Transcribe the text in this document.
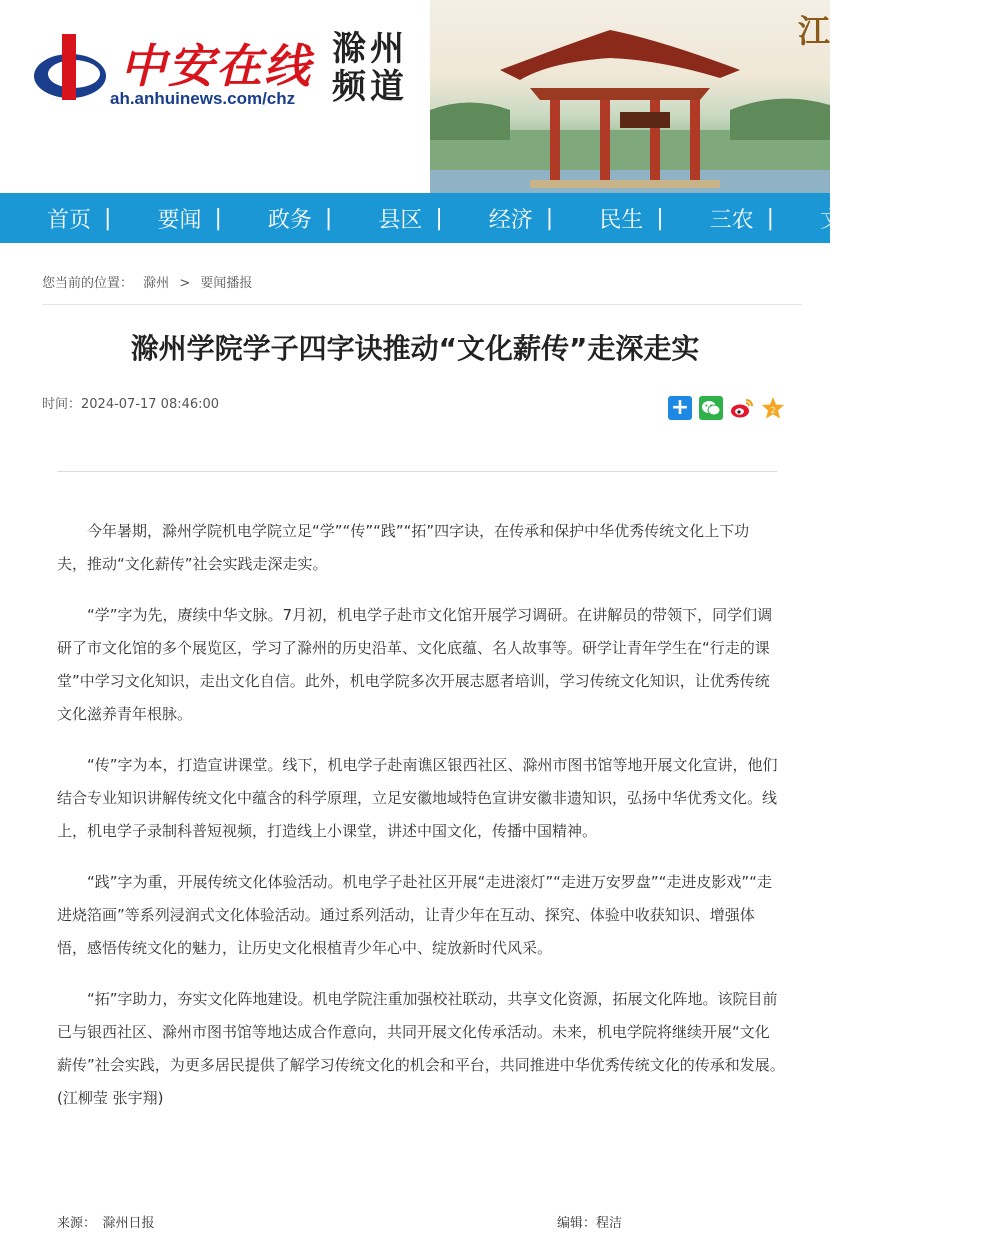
中安在线
ah.anhuinews.com/chz
滁州
频道
江
首页 |	要闻 |	政务 |	县区 |	经济 |	民生 |	三农 |	文化 |	旅游
您当前的位置： 滁州 > 要闻播报
滁州学院学子四字诀推动“文化薪传”走深走实
时间：2024-07-17 08:46:00	+	2

今年暑期，滁州学院机电学院立足“学”“传”“践”“拓”四字诀，在传承和保护中华优秀传统文化上下功夫，推动“文化薪传”社会实践走深走实。

“学”字为先，赓续中华文脉。7月初，机电学子赴市文化馆开展学习调研。在讲解员的带领下，同学们调研了市文化馆的多个展览区，学习了滁州的历史沿革、文化底蕴、名人故事等。研学让青年学生在“行走的课堂”中学习文化知识，走出文化自信。此外，机电学院多次开展志愿者培训，学习传统文化知识，让优秀传统文化滋养青年根脉。

“传”字为本，打造宣讲课堂。线下，机电学子赴南谯区银西社区、滁州市图书馆等地开展文化宣讲，他们结合专业知识讲解传统文化中蕴含的科学原理，立足安徽地域特色宣讲安徽非遗知识，弘扬中华优秀文化。线上，机电学子录制科普短视频，打造线上小课堂，讲述中国文化，传播中国精神。

“践”字为重，开展传统文化体验活动。机电学子赴社区开展“走进滚灯”“走进万安罗盘”“走进皮影戏”“走进烧箔画”等系列浸润式文化体验活动。通过系列活动，让青少年在互动、探究、体验中收获知识、增强体悟，感悟传统文化的魅力，让历史文化根植青少年心中、绽放新时代风采。

“拓”字助力，夯实文化阵地建设。机电学院注重加强校社联动，共享文化资源，拓展文化阵地。该院目前已与银西社区、滁州市图书馆等地达成合作意向，共同开展文化传承活动。未来，机电学院将继续开展“文化薪传”社会实践，为更多居民提供了解学习传统文化的机会和平台，共同推进中华优秀传统文化的传承和发展。　(江柳莹 张宇翔)

来源：　滁州日报	编辑：程洁
